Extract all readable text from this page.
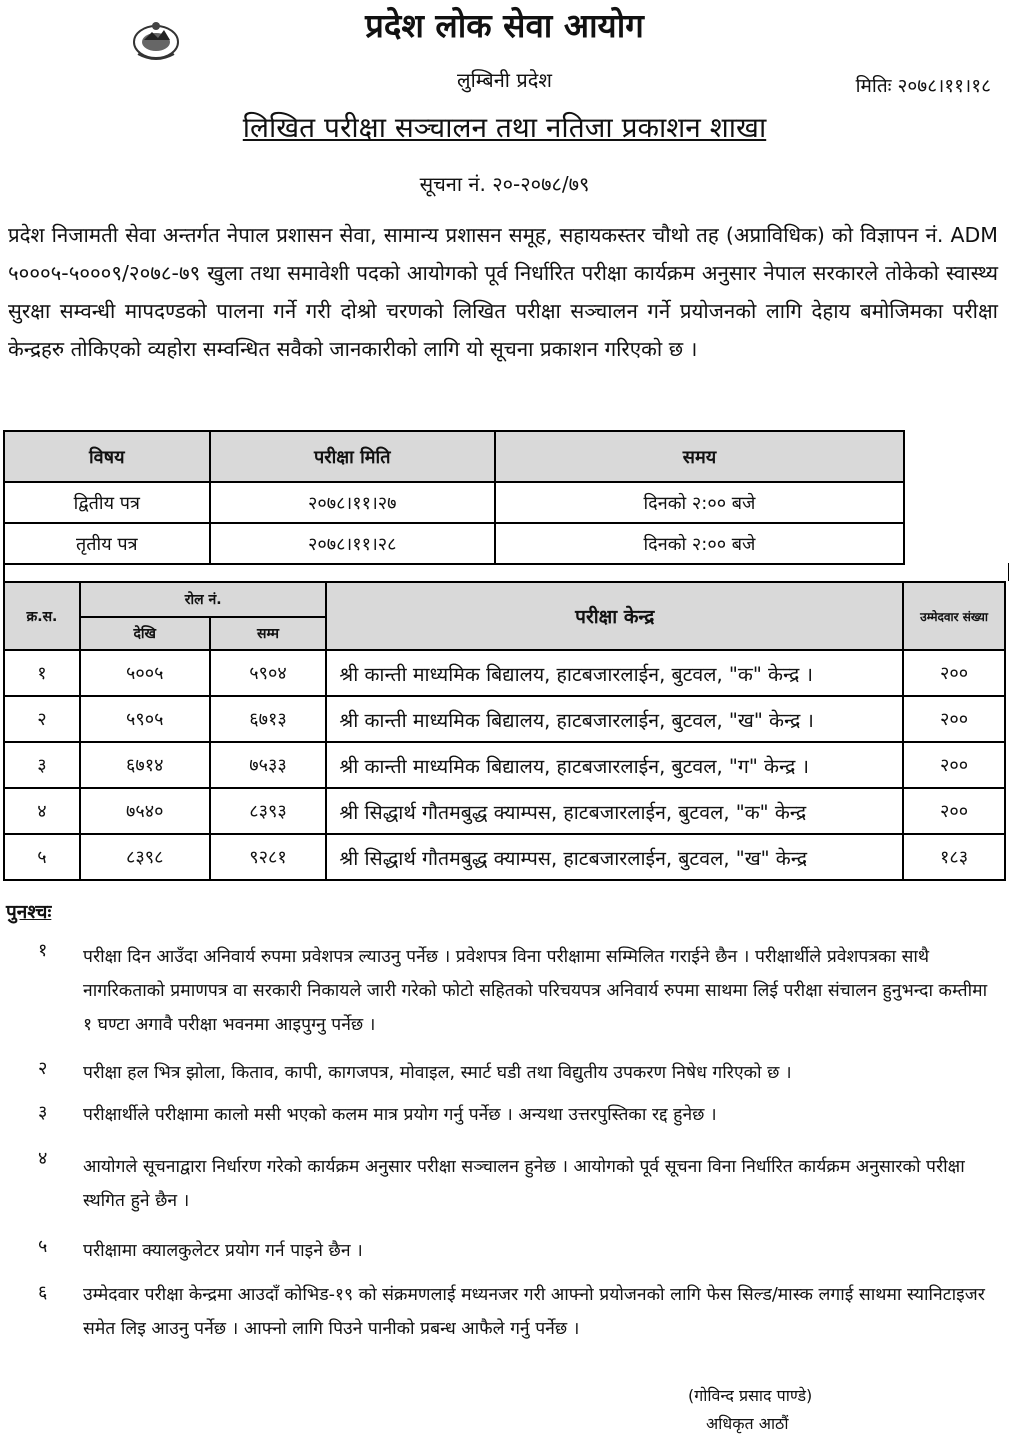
प्रदेश लोक सेवा आयोग
लुम्बिनी प्रदेश	मितिः २०७८।११।१८
लिखित परीक्षा सञ्चालन तथा नतिजा प्रकाशन शाखा
सूचना नं. २०-२०७८/७९
प्रदेश निजामती सेवा अन्तर्गत नेपाल प्रशासन सेवा, सामान्य प्रशासन समूह, सहायकस्तर चौथो तह (अप्राविधिक) को विज्ञापन नं. ADM ५०००५-५०००९/२०७८-७९ खुला तथा समावेशी पदको आयोगको पूर्व निर्धारित परीक्षा कार्यक्रम अनुसार नेपाल सरकारले तोकेको स्वास्थ्य सुरक्षा सम्वन्धी मापदण्डको पालना गर्ने गरी दोश्रो चरणको लिखित परीक्षा सञ्चालन गर्ने प्रयोजनको लागि देहाय बमोजिमका परीक्षा केन्द्रहरु तोकिएको व्यहोरा सम्वन्धित सवैको जानकारीको लागि यो सूचना प्रकाशन गरिएको छ ।
विषय	परीक्षा मिति	समय
द्वितीय पत्र	२०७८।११।२७	दिनको २:०० बजे
तृतीय पत्र	२०७८।११।२८	दिनको २:०० बजे
क्र.स.	रोल नं.		परीक्षा केन्द्र	उम्मेदवार संख्या
	देखि	सम्म		
१	५००५	५९०४	श्री कान्ती माध्यमिक बिद्यालय, हाटबजारलाईन, बुटवल, "क" केन्द्र ।	२००
२	५९०५	६७१३	श्री कान्ती माध्यमिक बिद्यालय, हाटबजारलाईन, बुटवल, "ख" केन्द्र ।	२००
३	६७१४	७५३३	श्री कान्ती माध्यमिक बिद्यालय, हाटबजारलाईन, बुटवल, "ग" केन्द्र ।	२००
४	७५४०	८३९३	श्री सिद्धार्थ गौतमबुद्ध क्याम्पस, हाटबजारलाईन, बुटवल, "क" केन्द्र	२००
५	८३९८	९२८१	श्री सिद्धार्थ गौतमबुद्ध क्याम्पस, हाटबजारलाईन, बुटवल, "ख" केन्द्र	१८३
पुनश्चः
१ परीक्षा दिन आउँदा अनिवार्य रुपमा प्रवेशपत्र ल्याउनु पर्नेछ । प्रवेशपत्र विना परीक्षामा सम्मिलित गराईने छैन । परीक्षार्थीले प्रवेशपत्रका साथै नागरिकताको प्रमाणपत्र वा सरकारी निकायले जारी गरेको फोटो सहितको परिचयपत्र अनिवार्य रुपमा साथमा लिई परीक्षा संचालन हुनुभन्दा कम्तीमा १ घण्टा अगावै परीक्षा भवनमा आइपुग्नु पर्नेछ ।
२ परीक्षा हल भित्र झोला, किताव, कापी, कागजपत्र, मोवाइल, स्मार्ट घडी तथा विद्युतीय उपकरण निषेध गरिएको छ ।
३ परीक्षार्थीले परीक्षामा कालो मसी भएको कलम मात्र प्रयोग गर्नु पर्नेछ । अन्यथा उत्तरपुस्तिका रद्द हुनेछ ।
४ आयोगले सूचनाद्वारा निर्धारण गरेको कार्यक्रम अनुसार परीक्षा सञ्चालन हुनेछ । आयोगको पूर्व सूचना विना निर्धारित कार्यक्रम अनुसारको परीक्षा स्थगित हुने छैन ।
५ परीक्षामा क्यालकुलेटर प्रयोग गर्न पाइने छैन ।
६ उम्मेदवार परीक्षा केन्द्रमा आउदाँ कोभिड-१९ को संक्रमणलाई मध्यनजर गरी आफ्नो प्रयोजनको लागि फेस सिल्ड/मास्क लगाई साथमा स्यानिटाइजर समेत लिइ आउनु पर्नेछ । आफ्नो लागि पिउने पानीको प्रबन्ध आफैले गर्नु पर्नेछ ।
(गोविन्द प्रसाद पाण्डे)
अधिकृत आठौं
